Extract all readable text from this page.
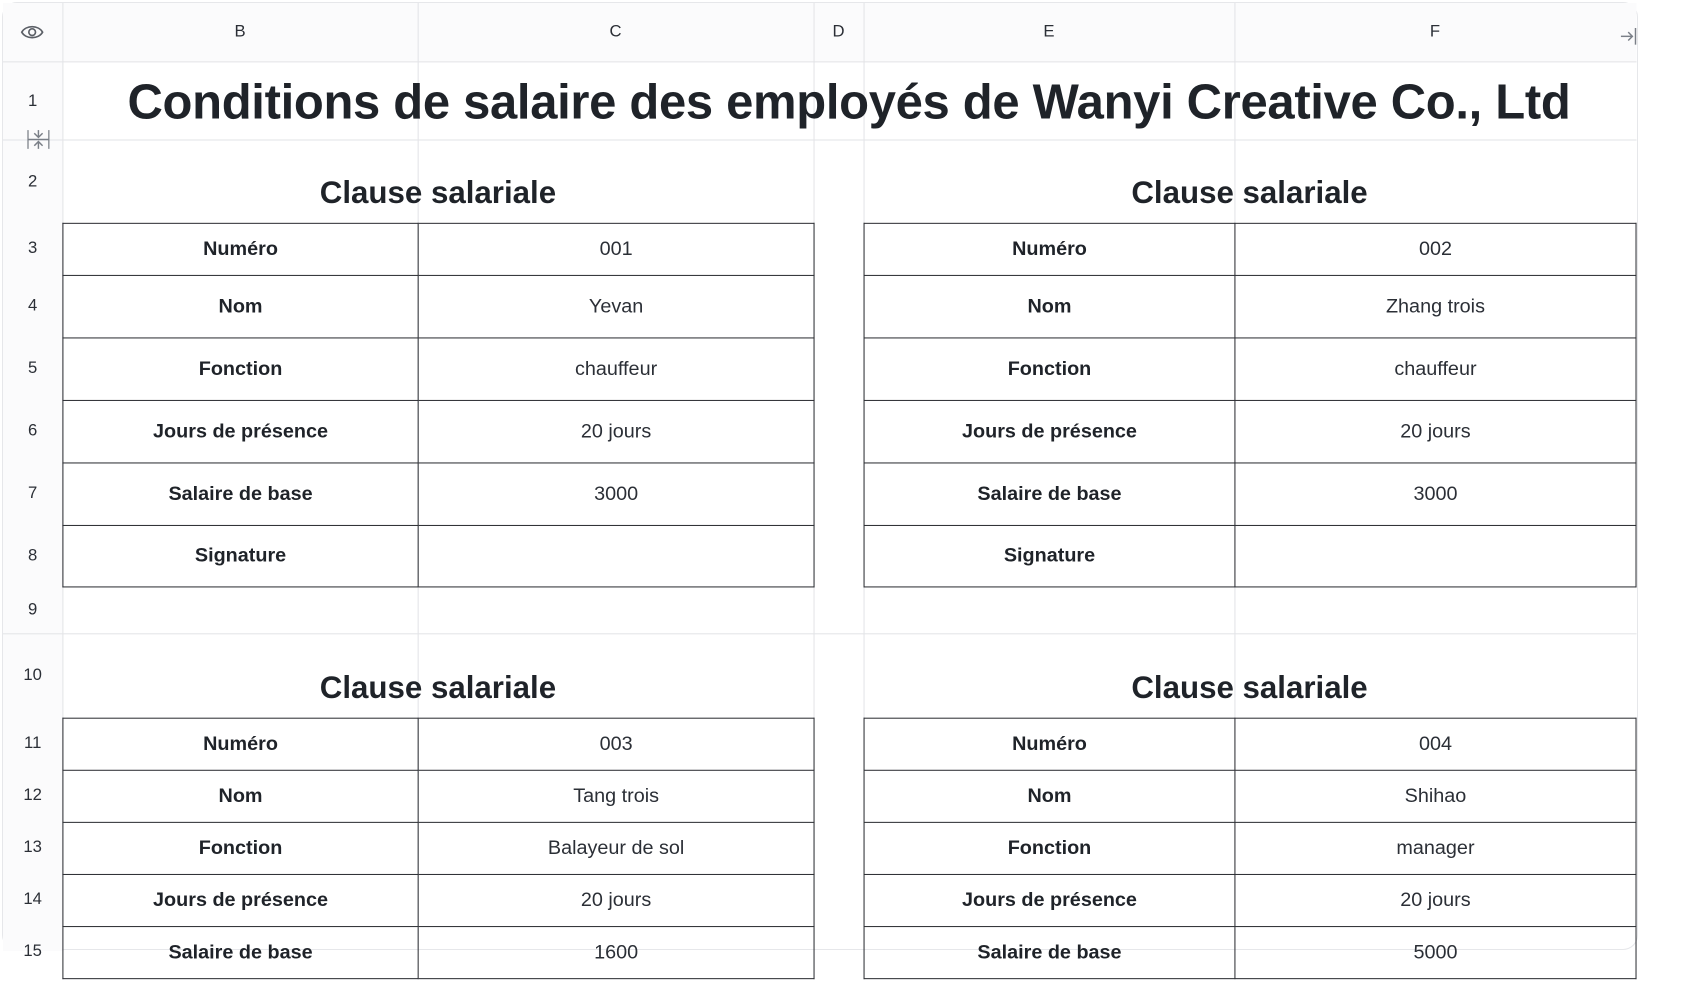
B	C	D	E	F
1
2
3
4
5
6
7
8
9
10
11
12
13
14
15
Conditions de salaire des employés de Wanyi Creative Co., Ltd
Clause salariale	Clause salariale
Clause salariale	Clause salariale
Numéro	001
Nom	Yevan
Fonction	chauffeur
Jours de présence	20 jours
Salaire de base	3000
Signature	
Numéro	002
Nom	Zhang trois
Fonction	chauffeur
Jours de présence	20 jours
Salaire de base	3000
Signature	
Numéro	003
Nom	Tang trois
Fonction	Balayeur de sol
Jours de présence	20 jours
Salaire de base	1600
Numéro	004
Nom	Shihao
Fonction	manager
Jours de présence	20 jours
Salaire de base	5000
